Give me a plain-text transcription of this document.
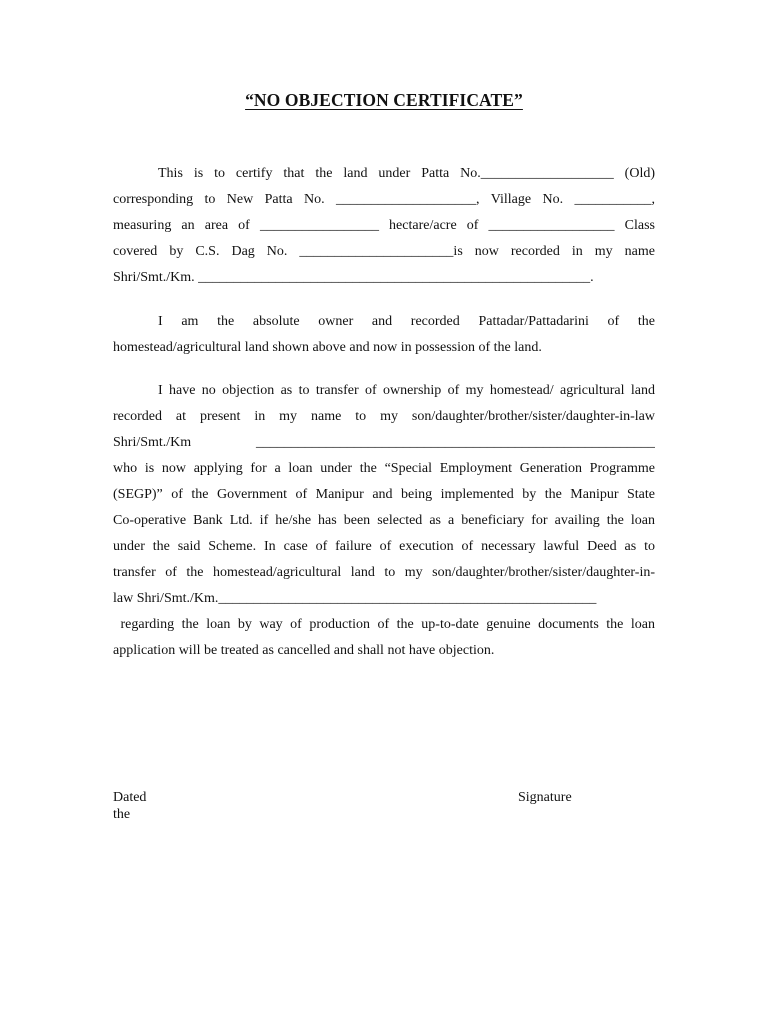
“NO OBJECTION CERTIFICATE”
This is to certify that the land under Patta No.___________________ (Old)
corresponding to New Patta No. ____________________, Village No. ___________,
measuring an area of _________________ hectare/acre of __________________ Class
covered by C.S. Dag No. ______________________is now recorded in my name
Shri/Smt./Km. ________________________________________________________.
I am the absolute owner and recorded Pattadar/Pattadarini of the
homestead/agricultural land shown above and now in possession of the land.
I have no objection as to transfer of ownership of my homestead/ agricultural land
recorded at present in my name to my son/daughter/brother/sister/daughter-in-law
Shri/Smt./Km _________________________________________________________
who is now applying for a loan under the “Special Employment Generation Programme
(SEGP)” of the Government of Manipur and being implemented by the Manipur State
Co-operative Bank Ltd. if he/she has been selected as a beneficiary for availing the loan
under the said Scheme. In case of failure of execution of necessary lawful Deed as to
transfer of the homestead/agricultural land to my son/daughter/brother/sister/daughter-in-
law Shri/Smt./Km.______________________________________________________
regarding the loan by way of production of the up-to-date genuine documents the loan
application will be treated as cancelled and shall not have objection.
Dated
the
Signature
